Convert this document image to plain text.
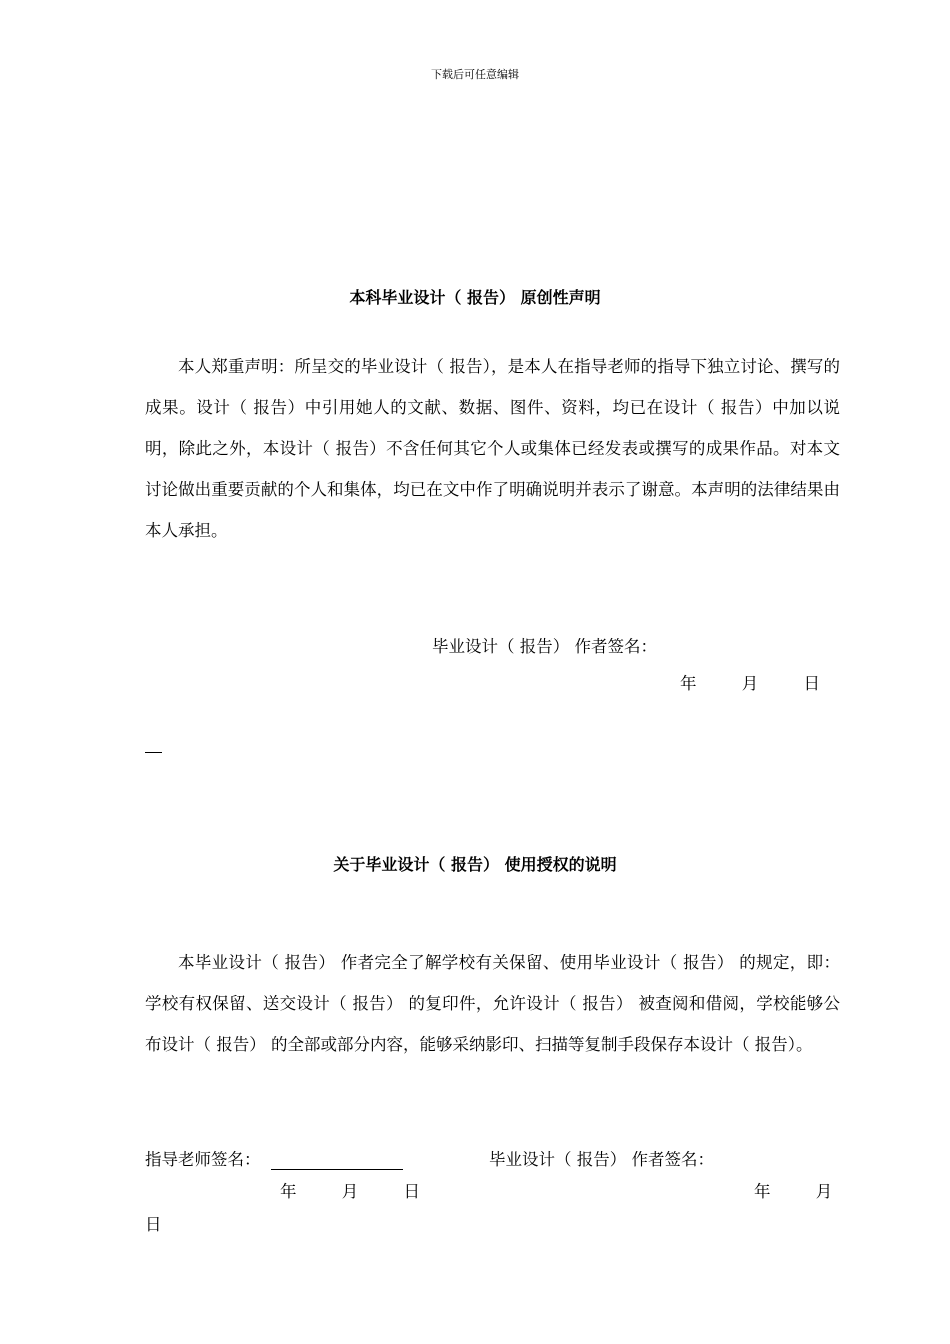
下载后可任意编辑
本科毕业设计（ 报告） 原创性声明

本人郑重声明：所呈交的毕业设计（ 报告），是本人在指导老师的指导下独立讨论、撰写的成果。设计（ 报告）中引用她人的文献、数据、图件、资料，均已在设计（ 报告）中加以说明，除此之外，本设计（ 报告）不含任何其它个人或集体已经发表或撰写的成果作品。对本文讨论做出重要贡献的个人和集体，均已在文中作了明确说明并表示了谢意。本声明的法律结果由本人承担。

毕业设计（ 报告） 作者签名：
年	月	日
关于毕业设计（ 报告） 使用授权的说明

本毕业设计（ 报告） 作者完全了解学校有关保留、使用毕业设计（ 报告） 的规定，即：学校有权保留、送交设计（ 报告） 的复印件，允许设计（ 报告） 被查阅和借阅，学校能够公布设计（ 报告） 的全部或部分内容，能够采纳影印、扫描等复制手段保存本设计（ 报告）。

指导老师签名：	毕业设计（ 报告） 作者签名：
年	月	日	年	月
日
